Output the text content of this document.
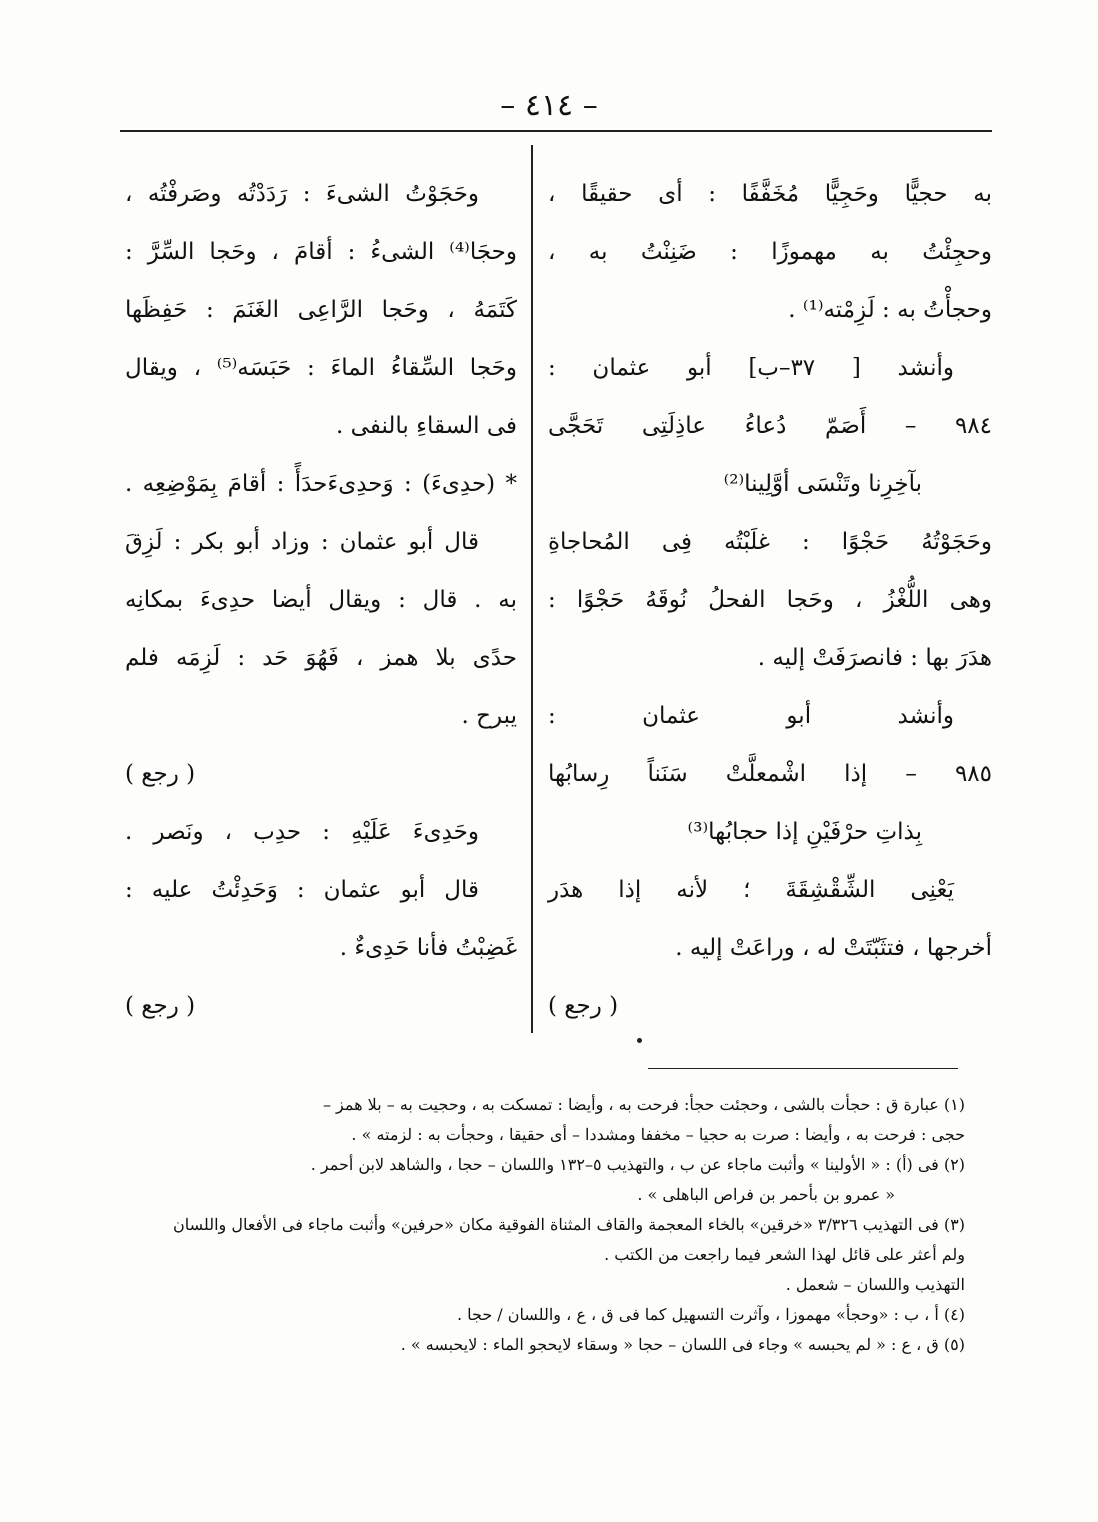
– ٤١٤ –
به حجيًّا وحَجِيًّا مُخَفَّفًا : أى حقيقًا ،
وحجِئْتُ به مهموزًا : ضَنِنْتُ به ،
وحجأْتُ به : لَزِمْته⁽¹⁾ .
وأنشد [ ٣٧–ب] أبو عثمان :
٩٨٤ – أَصَمّ دُعاءُ عاذِلَتِى تَحَجَّى
بآخِرِنا وتَنْسَى أوَّلِينا⁽²⁾
وحَجَوْتُهُ حَجْوًا : غلَبْتُه فِى المُحاجاةِ
وهى اللُّغْزُ ، وحَجا الفحلُ نُوقَهُ حَجْوًا :
هدَرَ بها : فانصرَفَتْ إليه .
وأنشد أبو عثمان :
٩٨٥ – إذا اشْمعلَّتْ سَنَناً رِسابُها
بِذاتِ حرْفَيْنِ إذا حجابُها⁽³⁾
يَعْنِى الشِّقْشِقَةَ ؛ لأنه إذا هدَر
أخرجها ، فتثَبّتَتْ له ، وراعَتْ إليه .
( رجع )
وحَجَوْتُ الشىءَ : رَدَدْتُه وصَرفْتُه ،
وحجَا⁽⁴⁾ الشىءُ : أقامَ ، وحَجا السِّرَّ :
كَتَمَهُ ، وحَجا الرَّاعِى الغَنَمَ : حَفِظَها
وحَجا السِّقاءُ الماءَ : حَبَسَه⁽⁵⁾ ، ويقال
فى السقاءِ بالنفى .
* (حدِىءَ) : وَحدِىءَحدَأً : أقامَ بِمَوْضِعِه .
قال أبو عثمان : وزاد أبو بكر : لَزِقَ
به . قال : ويقال أيضا حدِىءَ بمكانِه
حدًى بلا همز ، فَهُوَ حَد : لَزِمَه فلم
يبرح .
( رجع )
وحَدِىءَ عَلَيْهِ : حدِب ، ونَصر .
قال أبو عثمان : وَحَدِئْتُ عليه :
غَضِبْتُ فأنا حَدِىءٌ .
( رجع )
(١) عبارة ق : حجأت بالشى ، وحجئت حجأ: فرحت به ، وأيضا : تمسكت به ، وحجيت به – بلا همز –
حجى : فرحت به ، وأيضا : صرت به حجيا – مخففا ومشددا – أى حقيقا ، وحجأت به : لزمته » .
(٢) فى (أ) : « الأولينا » وأثبت ماجاء عن ب ، والتهذيب ٥–١٣٢ واللسان – حجا ، والشاهد لابن أحمر .
« عمرو بن بأحمر بن فراص الباهلى » .
(٣) فى التهذيب ٣/٣٢٦ «خرقين» بالخاء المعجمة والقاف المثناة الفوقية مكان «حرفين» وأثبت ماجاء فى الأفعال واللسان
ولم أعثر على قائل لهذا الشعر فيما راجعت من الكتب .
التهذيب واللسان – شعمل .
(٤) أ ، ب : «وحجأ» مهموزا ، وآثرت التسهيل كما فى ق ، ع ، واللسان / حجا .
(٥) ق ، ع : « لم يحبسه » وجاء فى اللسان – حجا « وسقاء لايحجو الماء : لايحبسه » .
